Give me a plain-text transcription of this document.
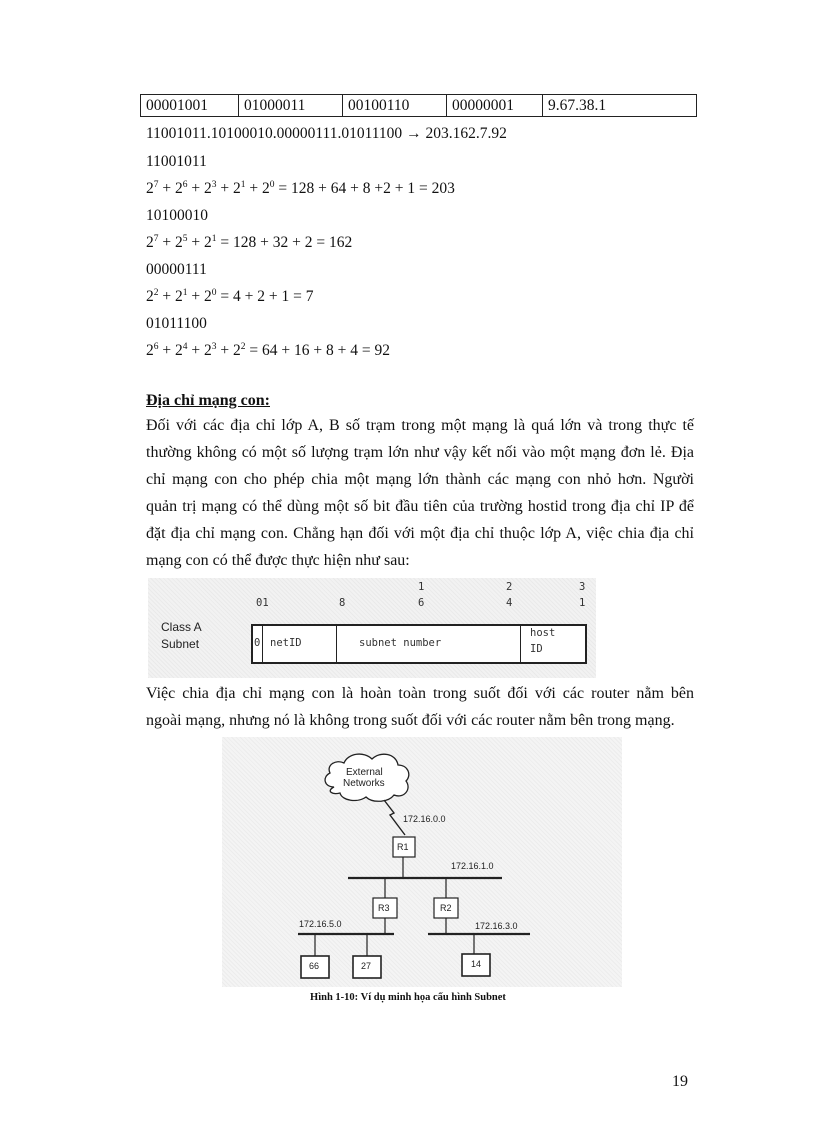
00001001	01000011	00100110	00000001	9.67.38.1
11001011.10100010.00000111.01011100 → 203.162.7.92
11001011
$2^7 + 2^6 + 2^3 + 2^1 + 2^0 = 128 + 64 + 8 +2 + 1 = 203$
10100010
$2^7 + 2^5 + 2^1 = 128 + 32 + 2 = 162$
00000111
$2^2 + 2^1 + 2^0 = 4 + 2 + 1 = 7$
01011100
$2^6 + 2^4 + 2^3 + 2^2 = 64 + 16 + 8 + 4 = 92$
Địa chỉ mạng con:
Đối với các địa chỉ lớp A, B số trạm trong một mạng là quá lớn và trong thực tế
thường không có một số lượng trạm lớn như vậy kết nối vào một mạng đơn lẻ. Địa
chỉ mạng con cho phép chia một mạng lớn thành các mạng con nhỏ hơn. Người
quản trị mạng có thể dùng một số bit đầu tiên của trường hostid trong địa chỉ IP để
đặt địa chỉ mạng con. Chẳng hạn đối với một địa chỉ thuộc lớp A, việc chia địa chỉ
mạng con có thể được thực hiện như sau:
01	8
1
6
2
4
3
1
Class A
Subnet	0 netID	subnet number
host
ID
Việc chia địa chỉ mạng con là hoàn toàn trong suốt đối với các router nằm bên
ngoài mạng, nhưng nó là không trong suốt đối với các router nằm bên trong mạng.
External
Networks
172.16.0.0
172.16.1.0
172.16.5.0	172.16.3.0
R1
R3	R2
66	27	14
Hình 1-10: Ví dụ minh họa cấu hình Subnet
19
